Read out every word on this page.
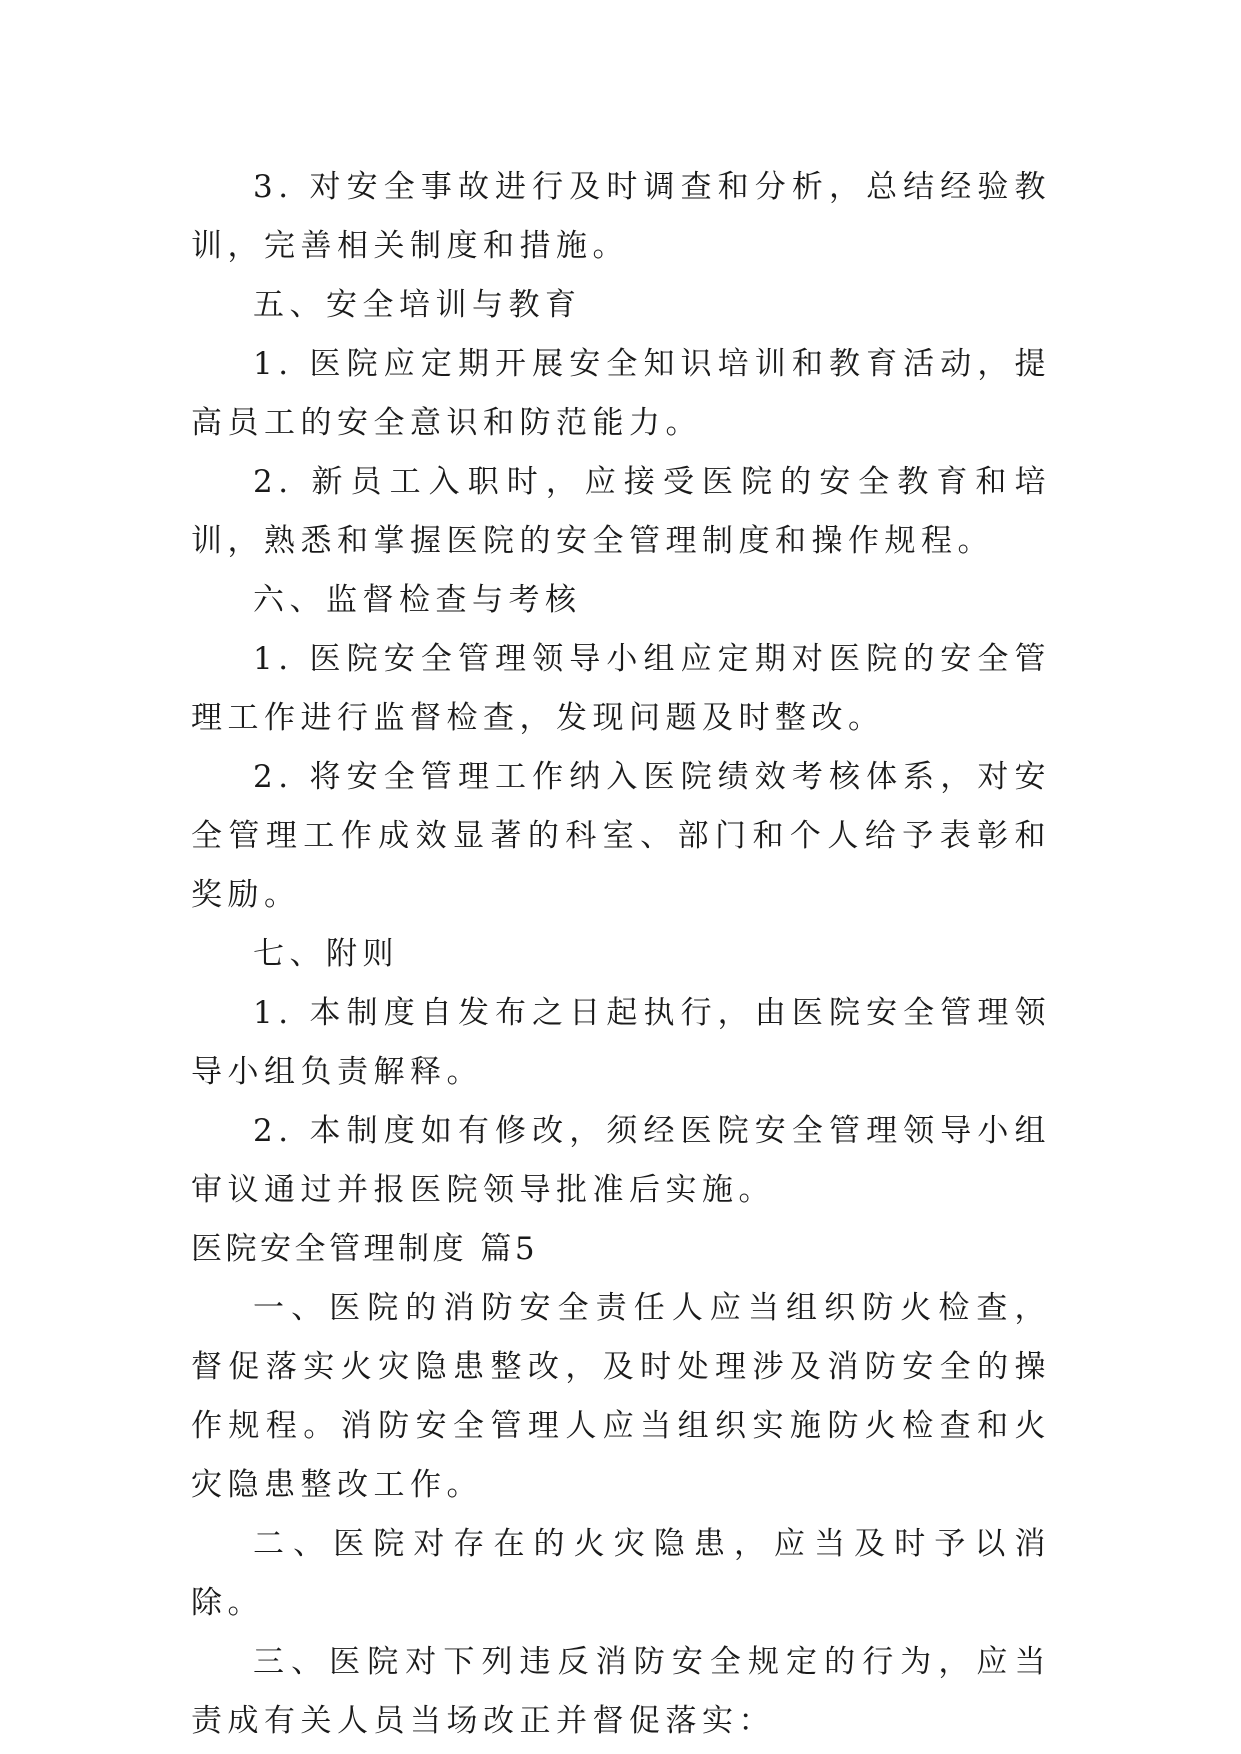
3. 对安全事故进行及时调查和分析，总结经验教训，完善相关制度和措施。

五、安全培训与教育

1. 医院应定期开展安全知识培训和教育活动，提高员工的安全意识和防范能力。

2. 新员工入职时，应接受医院的安全教育和培训，熟悉和掌握医院的安全管理制度和操作规程。

六、监督检查与考核

1. 医院安全管理领导小组应定期对医院的安全管理工作进行监督检查，发现问题及时整改。

2. 将安全管理工作纳入医院绩效考核体系，对安全管理工作成效显著的科室、部门和个人给予表彰和奖励。

七、附则

1. 本制度自发布之日起执行，由医院安全管理领导小组负责解释。

2. 本制度如有修改，须经医院安全管理领导小组审议通过并报医院领导批准后实施。

医院安全管理制度 篇5

一、医院的消防安全责任人应当组织防火检查，督促落实火灾隐患整改，及时处理涉及消防安全的操作规程。消防安全管理人应当组织实施防火检查和火灾隐患整改工作。

二、医院对存在的火灾隐患，应当及时予以消除。

三、医院对下列违反消防安全规定的行为，应当责成有关人员当场改正并督促落实：
